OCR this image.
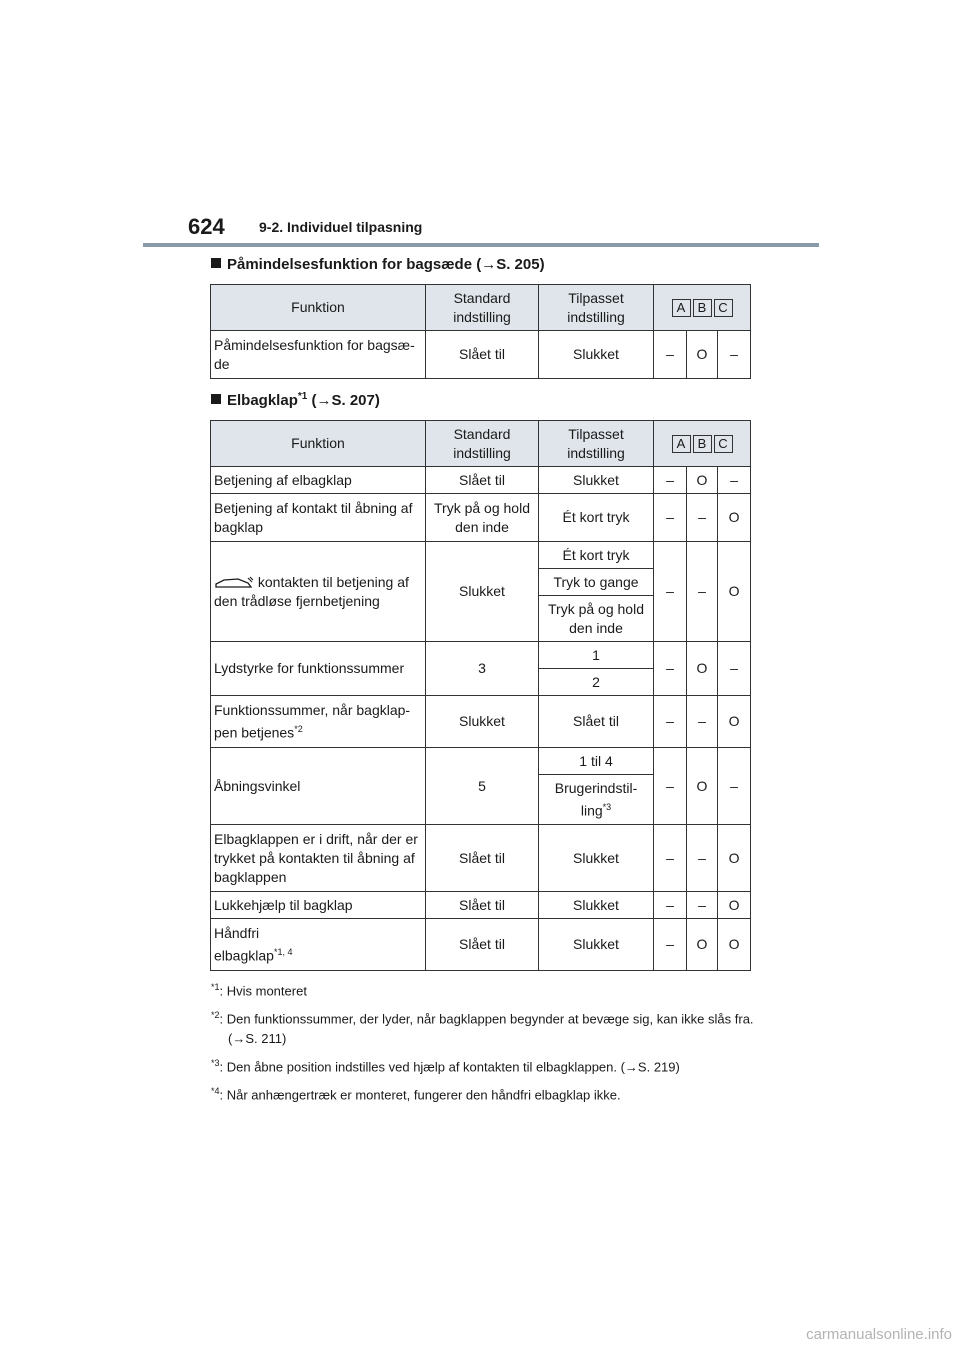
624 9-2. Individuel tilpasning
Påmindelsesfunktion for bagsæde (→S. 205)
Funktion	Standard indstilling	Tilpasset indstilling	A B C		
Påmindelsesfunktion for bagsæ-de	Slået til	Slukket	–	O	–
Elbagklap$^{*1}$ (→S. 207)
Funktion	Standard indstilling	Tilpasset indstilling	A B C		
Betjening af elbagklap	Slået til	Slukket	–	O	–
Betjening af kontakt til åbning af bagklap	Tryk på og hold den inde	Ét kort tryk	–	–	O
kontakten til betjening af den trådløse fjernbetjening	Slukket	Ét kort tryk	–	–	O
		Tryk to gange			
		Tryk på og hold den inde			
Lydstyrke for funktionssummer	3	1	–	O	–
		2			
Funktionssummer, når bagklap-pen betjenes$^{*2}$	Slukket	Slået til	–	–	O
Åbningsvinkel	5	1 til 4	–	O	–
		Brugerindstil-ling$^{*3}$
Elbagklappen er i drift, når der er trykket på kontakten til åbning af bagklappen	Slået til	Slukket	–	–	O
Lukkehjælp til bagklap	Slået til	Slukket	–	–	O
Håndfri
elbagklap$^{*1, 4}$	Slået til	Slukket	–	O	O
$^{*1}$: Hvis monteret
$^{*2}$: Den funktionssummer, der lyder, når bagklappen begynder at bevæge sig, kan ikke slås fra. (→S. 211)
$^{*3}$: Den åbne position indstilles ved hjælp af kontakten til elbagklappen. (→S. 219)
$^{*4}$: Når anhængertræk er monteret, fungerer den håndfri elbagklap ikke.
carmanualsonline.info
